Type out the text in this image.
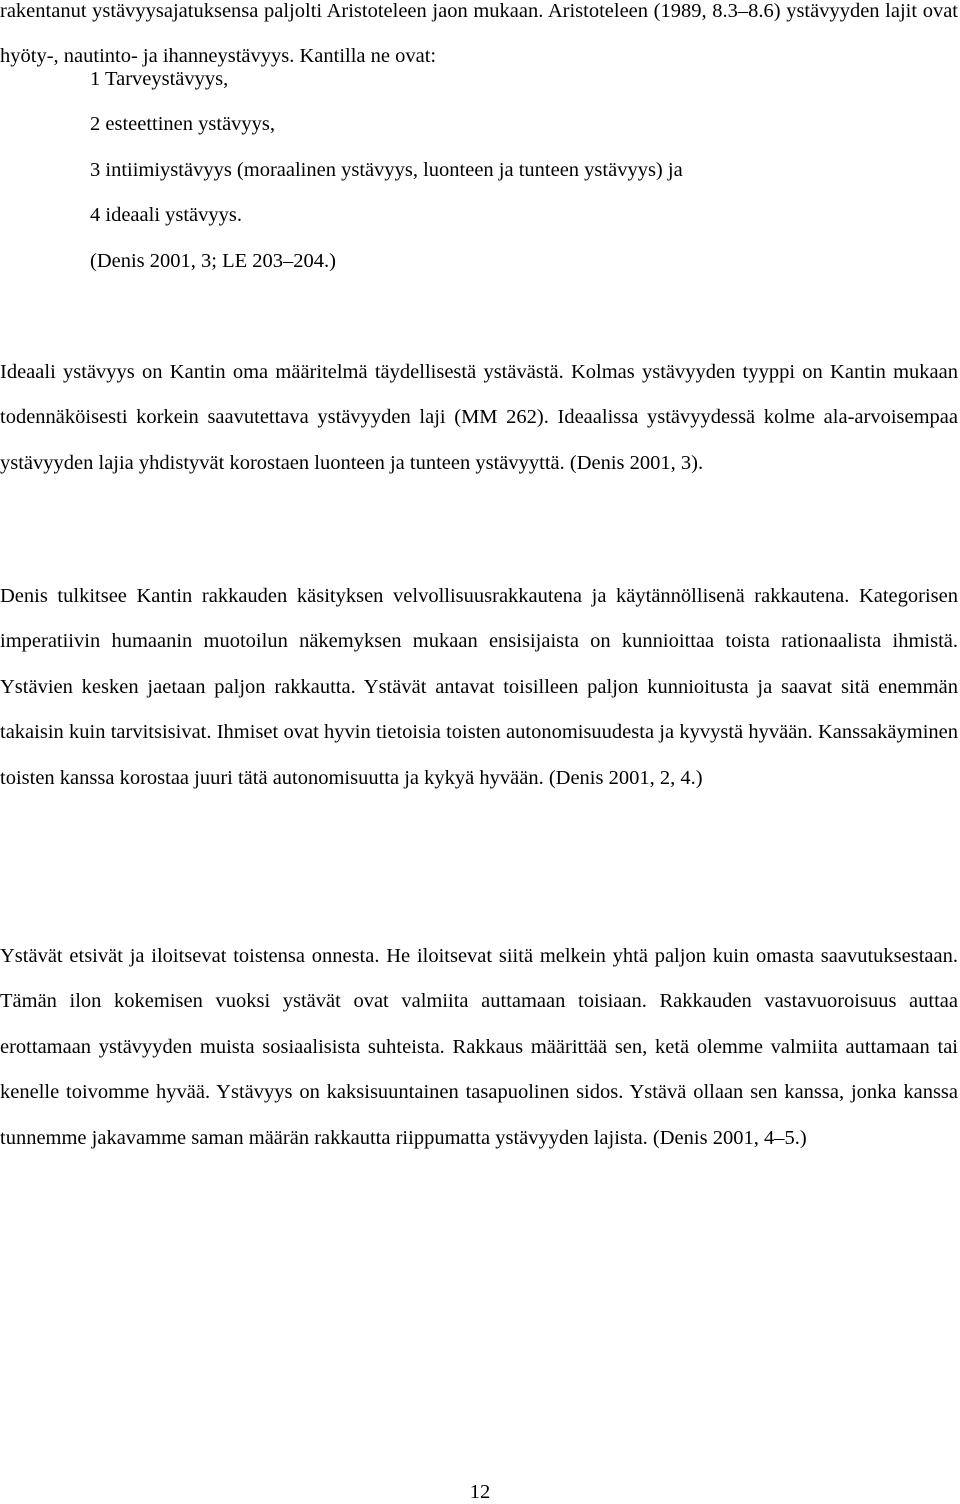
rakentanut ystävyysajatuksensa paljolti Aristoteleen jaon mukaan. Aristoteleen (1989, 8.3–8.6) ystävyyden lajit ovat hyöty-, nautinto- ja ihanneystävyys. Kantilla ne ovat:

1 Tarveystävyys,
2 esteettinen ystävyys,
3 intiimiystävyys (moraalinen ystävyys, luonteen ja tunteen ystävyys) ja
4 ideaali ystävyys.
(Denis 2001, 3; LE 203–204.)

Ideaali ystävyys on Kantin oma määritelmä täydellisestä ystävästä. Kolmas ystävyyden tyyppi on Kantin mukaan todennäköisesti korkein saavutettava ystävyyden laji (MM 262). Ideaalissa ystävyydessä kolme ala-arvoisempaa ystävyyden lajia yhdistyvät korostaen luonteen ja tunteen ystävyyttä. (Denis 2001, 3).

Denis tulkitsee Kantin rakkauden käsityksen velvollisuusrakkautena ja käytännöllisenä rakkautena. Kategorisen imperatiivin humaanin muotoilun näkemyksen mukaan ensisijaista on kunnioittaa toista rationaalista ihmistä. Ystävien kesken jaetaan paljon rakkautta. Ystävät antavat toisilleen paljon kunnioitusta ja saavat sitä enemmän takaisin kuin tarvitsisivat. Ihmiset ovat hyvin tietoisia toisten autonomisuudesta ja kyvystä hyvään. Kanssakäyminen toisten kanssa korostaa juuri tätä autonomisuutta ja kykyä hyvään. (Denis 2001, 2, 4.)

Ystävät etsivät ja iloitsevat toistensa onnesta. He iloitsevat siitä melkein yhtä paljon kuin omasta saavutuksestaan. Tämän ilon kokemisen vuoksi ystävät ovat valmiita auttamaan toisiaan. Rakkauden vastavuoroisuus auttaa erottamaan ystävyyden muista sosiaalisista suhteista. Rakkaus määrittää sen, ketä olemme valmiita auttamaan tai kenelle toivomme hyvää. Ystävyys on kaksisuuntainen tasapuolinen sidos. Ystävä ollaan sen kanssa, jonka kanssa tunnemme jakavamme saman määrän rakkautta riippumatta ystävyyden lajista. (Denis 2001, 4–5.)

12
